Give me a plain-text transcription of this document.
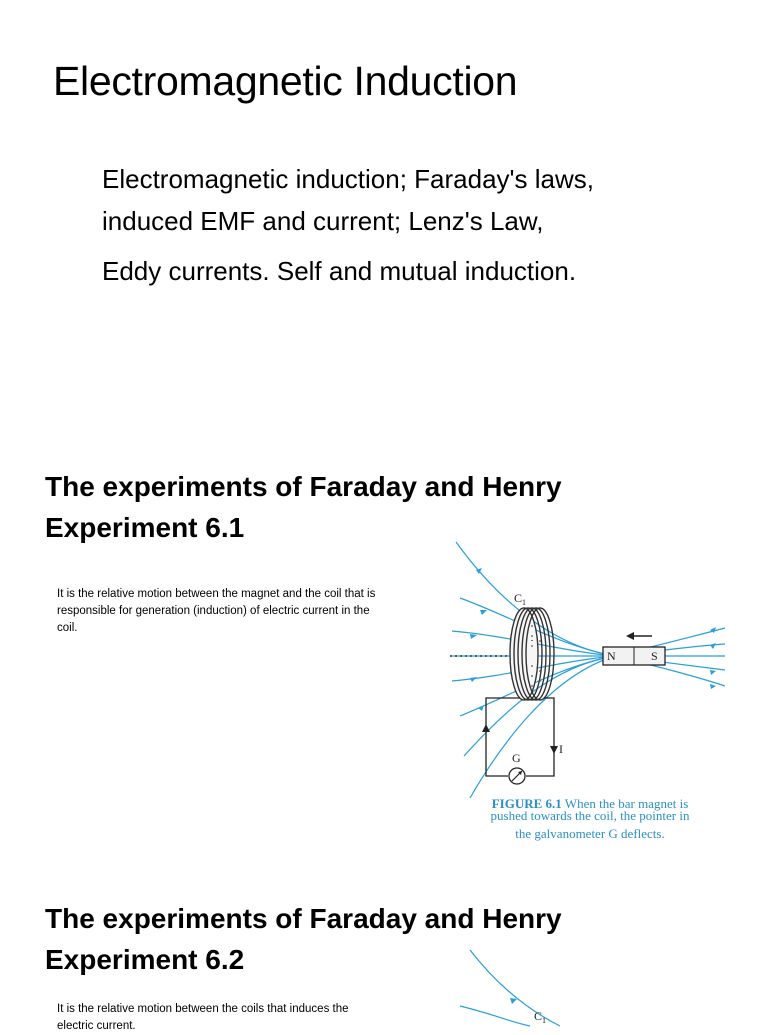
Electromagnetic Induction
Electromagnetic induction; Faraday's laws,
induced EMF and current; Lenz's Law,
Eddy currents. Self and mutual induction.
The experiments of Faraday and Henry
Experiment 6.1

It is the relative motion between the magnet and the coil that is responsible for generation (induction) of electric current in the coil.

$C_1$
I
G
N	S
FIGURE 6.1 When the bar magnet is
pushed towards the coil, the pointer in
the galvanometer G deflects.
The experiments of Faraday and Henry
Experiment 6.2

It is the relative motion between the coils that induces the electric current.

$C_1$
